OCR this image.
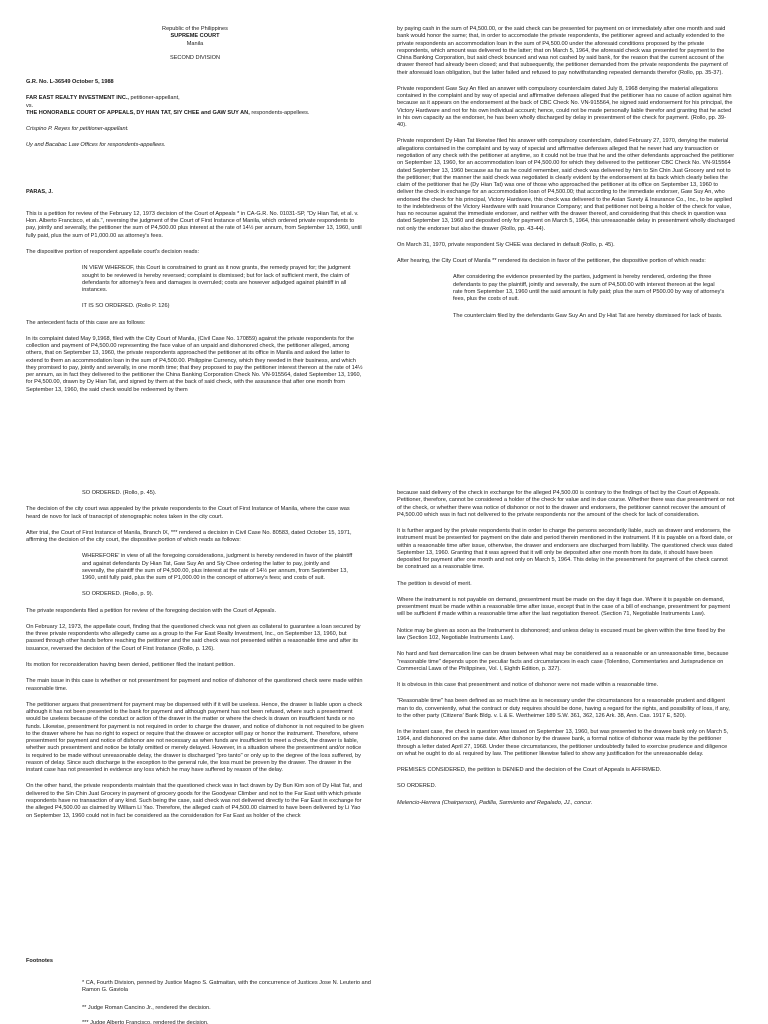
Republic of the Philippines

SUPREME COURT

Manila

SECOND DIVISION

G.R. No. L-36549 October 5, 1988

FAR EAST REALTY INVESTMENT INC., petitioner-appellant,

vs.

THE HONORABLE COURT OF APPEALS, DY HIAN TAT, SIY CHEE and GAW SUY AN, respondents-appellees.

Crispino P. Reyes for petitioner-appellant.

Uy and Bacabac Law Offices for respondents-appellees.

PARAS, J.

This is a petition for review of the February 12, 1973 decision of the Court of Appeals * in CA-G.R. No. 01031-SP, "Dy Hian Tat, et al. v. Hon. Alberto Francisco, et als.", reversing the judgment of the Court of First Instance of Manila, which ordered private respondents to pay, jointly and severally, the petitioner the sum of P4,500.00 plus interest at the rate of 14½ per annum, from September 13, 1960, until fully paid, plus the sum of P1,000.00 as attorney's fees.

The dispositive portion of respondent appellate court's decision reads:

IN VIEW WHEREOF, this Court is constrained to grant as it now grants, the remedy prayed for; the judgment sought to be reviewed is hereby reversed; complaint is dismissed; but for lack of sufficient merit, the claim of defendants for attorney's fees and damages is overruled; costs are however adjudged against plaintiff in all instances.

IT IS SO ORDERED. (Rollo P. 126)

The antecedent facts of this case are as follows:

In its complaint dated May 9,1968, filed with the City Court of Manila, (Civil Case No. 170859) against the private respondents for the collection and payment of P4,500.00 representing the face value of an unpaid and dishonored check, the petitioner alleged, among others, that on September 13, 1960, the private respondents approached the petitioner at its office in Manila and asked the latter to extend to them an accommodation loan in the sum of P4,500.00. Philippine Currency, which they needed in their business, and which they promised to pay, jointly and severally, in one month time; that they proposed to pay the petitioner interest thereon at the rate of 14½ per annum, as in fact they delivered to the petitioner the China Banking Corporation Check No. VN-915564, dated September 13, 1960, for P4,500.00, drawn by Dy Hian Tat, and signed by them at the back of said check, with the assurance that after one month from September 13, 1960, the said check would be redeemed by them

by paying cash in the sum of P4,500.00, or the said check can be presented for payment on or immediately after one month and said bank would honor the same; that, in order to accomodate the private respondents, the petitioner agreed and actually extended to the private respondents an accommodation loan in the sum of P4,500.00 under the aforesaid conditions proposed by the private respondents, which amount was delivered to the latter; that on March 5, 1964, the aforesaid check was presented for payment to the China Banking Corporation, but said check bounced and was not cashed by said bank, for the reason that the current account of the drawer thereof had already been closed; and that subsequently, the petitioner demanded from the private respondents the payment of their aforesaid loan obligation, but the latter failed and refused to pay notwithstanding repeated demands therefor (Rollo, pp. 35-37).

Private respondent Gaw Suy An filed an answer with compulsory counterclaim dated July 8, 1968 denying the material allegations contained in the complaint and by way of special and affirmative defenses alleged that the petitioner has no cause of action against him because as it appears on the endorsement at the back of CBC Check No. VN-915564, he signed said endorsement for his principal, the Victory Hardware and not for his own individual account; hence, could not be made personally liable therefor and granting that he acted in his own capacity as the endorser, he has been wholly discharged by delay in presentment of the check for payment. (Rollo, pp. 39-40).

Private respondent Dy Hian Tat likewise filed his answer with compulsory counterclaim, dated February 27, 1970, denying the material allegations contained in the complaint and by way of special and affirmative defenses alleged that he never had any transaction or negotiation of any check with the petitioner at anytime, so it could not be true that he and the other defendants approached the petitioner on September 13, 1960, for an accommodation loan of P4,500.00 for which they delivered to the petitioner CBC Check No. VN-915564 dated September 13, 1960 because as far as he could remember, said check was delivered by him to Sin Chin Juat Grocery and not to the petitioner; that the manner the said check was negotiated is clearly evident by the endorsement at its back which clearly belies the claim of the petitioner that he (Dy Hian Tat) was one of those who approached the petitioner at its office on September 13, 1960 to deliver the check in exchange for an accommodation loan of P4,500.00; that according to the immediate endorser, Gaw Suy An, who endorsed the check for his principal, Victory Hardware, this check was delivered to the Asian Surety & Insurance Co., Inc., to be applied to the indebtedness of the Victory Hardware with said Insurance Company; and that petitioner not being a holder of the check for value, has no recourse against the immediate endorser, and neither with the drawer thereof, and considering that this check in question was dated September 13, 1960 and deposited only for payment on March 5, 1964, this unreasonable delay in presentment wholly discharged not only the endorser but also the drawer (Rollo, pp. 43-44).

On March 31, 1970, private respondent Siy CHEE was declared in default (Rollo, p. 45).

After hearing, the City Court of Manila ** rendered its decision in favor of the petitioner, the dispositive portion of which reads:

After considering the evidence presented by the parties, judgment is hereby rendered, ordering the three defendants to pay the plaintiff, jointly and severally, the sum of P4,500.00 with interest thereon at the legal rate from September 13, 1960 until the said amount is fully paid; plus the sum of P500.00 by way of attorney's fees, plus the costs of suit.

The counterclaim filed by the defendants Gaw Suy An and Dy Hiat Tat are hereby dismissed for lack of basis.

SO ORDERED. (Rollo, p. 45).

The decision of the city court was appealed by the private respondents to the Court of First Instance of Manila, where the case was heard de novo for lack of transcript of stenographic notes taken in the city court.

After trial, the Court of First Instance of Manila, Branch IX, *** rendered a decision in Civil Case No. 80583, dated October 15, 1971, affirming the decision of the city court, the dispositive portion of which reads as follows:

WHEREFORE' in view of all the foregoing considerations, judgment is hereby rendered in favor of the plaintiff and against defendants Dy Hian Tat, Gaw Suy An and Siy Chee ordering the latter to pay, jointly and severally, the plaintiff the sum of P4,500.00, plus interest at the rate of 14½ per annum, from September 13, 1960, until fully paid, plus the sum of P1,000.00 in the concept of attorney's fees; and costs of suit.

SO ORDERED. (Rollo, p. 9).

The private respondents filed a petition for review of the foregoing decision with the Court of Appeals.

On February 12, 1973, the appellate court, finding that the questioned check was not given as collateral to guarantee a loan secured by the three private respondents who allegedly came as a group to the Far East Realty Investment, Inc., on September 13, 1960, but passed through other hands before reaching the petitioner and the said check was not presented within a reasonable time and after its issuance, reversed the decision of the Court of First Instance (Rollo, p. 126).

Its motion for reconsideration having been denied, petitioner filed the instant petition.

The main issue in this case is whether or not presentment for payment and notice of dishonor of the questioned check were made within reasonable time.

The petitioner argues that presentment for payment may be dispensed with if it will be useless. Hence, the drawer is liable upon a check although it has not been presented to the bank for payment and although payment has not been refused, where such a presentment would be useless because of the conduct or action of the drawer in the matter or where the check is drawn on insufficient funds or no funds. Likewise, presentment for payment is not required in order to charge the drawer, and notice of dishonor is not required to be given to the drawer where he has no right to expect or require that the drawee or acceptor will pay or honor the instrument. Therefore, where presentment for payment and notice of dishonor are not necessary as when funds are insufficient to meet a check, the drawer is liable, whether such presentment and notice be totally omitted or merely delayed. However, in a situation where the presentment and/or notice is required to be made without unreasonable delay, the drawer is discharged "pro tanto" or only up to the degree of the loss suffered, by reason of delay. Since such discharge is the exception to the general rule, the loss must be proven by the drawer. The drawer in the instant case has not presented in evidence any loss which he may have suffered by reason of the delay.

On the other hand, the private respondents maintain that the questioned check was in fact drawn by Dy Bun Kim son of Dy Hiat Tat, and delivered to the Sin Chin Juat Grocery in payment of grocery goods for the Goodyear Climber and not to the Far East with which private respondents have no transaction of any kind. Such being the case, said check was not delivered directly to the Far East in exchange for the alleged P4,500.00 as claimed by William Li Yao. Therefore, the alleged cash of P4,500.00 claimed to have been delivered by Li Yao on September 13, 1960 could not in fact be considered as the consideration for Far East as holder of the check

because said delivery of the check in exchange for the alleged P4,500.00 is contrary to the findings of fact by the Court of Appeals. Petitioner, therefore, cannot be considered a holder of the check for value and in due course. Whether there was due presentment or not of the check, or whether there was notice of dishonor or not to the drawer and endorsers, the petitioner cannot recover the amount of P4,500.00 which was in fact not delivered to the private respondents nor the amount of the check for lack of consideration.

It is further argued by the private respondents that in order to charge the persons secondarily liable, such as drawer and endorsers, the instrument must be presented for payment on the date and period therein mentioned in the instrument. If it is payable on a fixed date, or within a reasonable time after issue, otherwise, the drawer and endorsers are discharged from liability. The questioned check was dated September 13, 1960. Granting that it was agreed that it will only be deposited after one month from its date, it should have been deposited for payment after one month and not only on March 5, 1964. This delay in the presentment for payment of the check cannot be construed as a reasonable time.

The petition is devoid of merit.

Where the instrument is not payable on demand, presentment must be made on the day it fags due. Where it is payable on demand, presentment must be made within a reasonable time after issue, except that in the case of a bill of exchange, presentment for payment will be sufficient if made within a reasonable time after the last negotiation thereof. (Section 71, Negotiable Instruments Law).

Notice may be given as soon as the Instrument is dishonored; and unless delay is excused must be given within the time fixed by the law (Section 102, Negotiable Instruments Law).

No hard and fast demarcation line can be drawn between what may be considered as a reasonable or an unreasonable time, because "reasonable time" depends upon the peculiar facts and circumstances in each case (Tolentino, Commentaries and Jurisprudence on Commercial Laws of the Philippines, Vol. I, Eighth Edition, p. 327).

It is obvious in this case that presentment and notice of dishonor were not made within a reasonable time.

"Reasonable time" has been defined as so much time as is necessary under the circumstances for a reasonable prudent and diligent man to do, conveniently, what the contract or duty requires should be done, having a regard for the rights, and possibility of loss, if any, to the other party (Citizens' Bank Bldg. v. L & E. Wertheimer 189 S.W. 361, 362, 126 Ark. 38, Ann. Cas. 1917 E, 520).

In the instant case, the check in question was issued on September 13, 1960, but was presented to the drawee bank only on March 5, 1964, and dishonored on the same date. After dishonor by the drawee bank, a formal notice of dishonor was made by the petitioner through a letter dated April 27, 1968. Under these circumstances, the petitioner undoubtedly failed to exercise prudence and diligence on what he ought to do al. required by law. The petitioner likewise failed to show any justification for the unreasonable delay.

PREMISES CONSIDERED, the petition is DENIED and the decision of the Court of Appeals is AFFIRMED.

SO ORDERED.

Melencio-Herrera (Chairperson), Padilla, Sarmiento and Regalado, JJ., concur.

Footnotes
* CA, Fourth Division, penned by Justice Magno S. Gatmaitan, with the concurrence of Justices Jose N. Leuterio and Ramon G. Gaviola
** Judge Roman Cancino Jr., rendered the decision.
*** Judge Alberto Francisco, rendered the decision.
